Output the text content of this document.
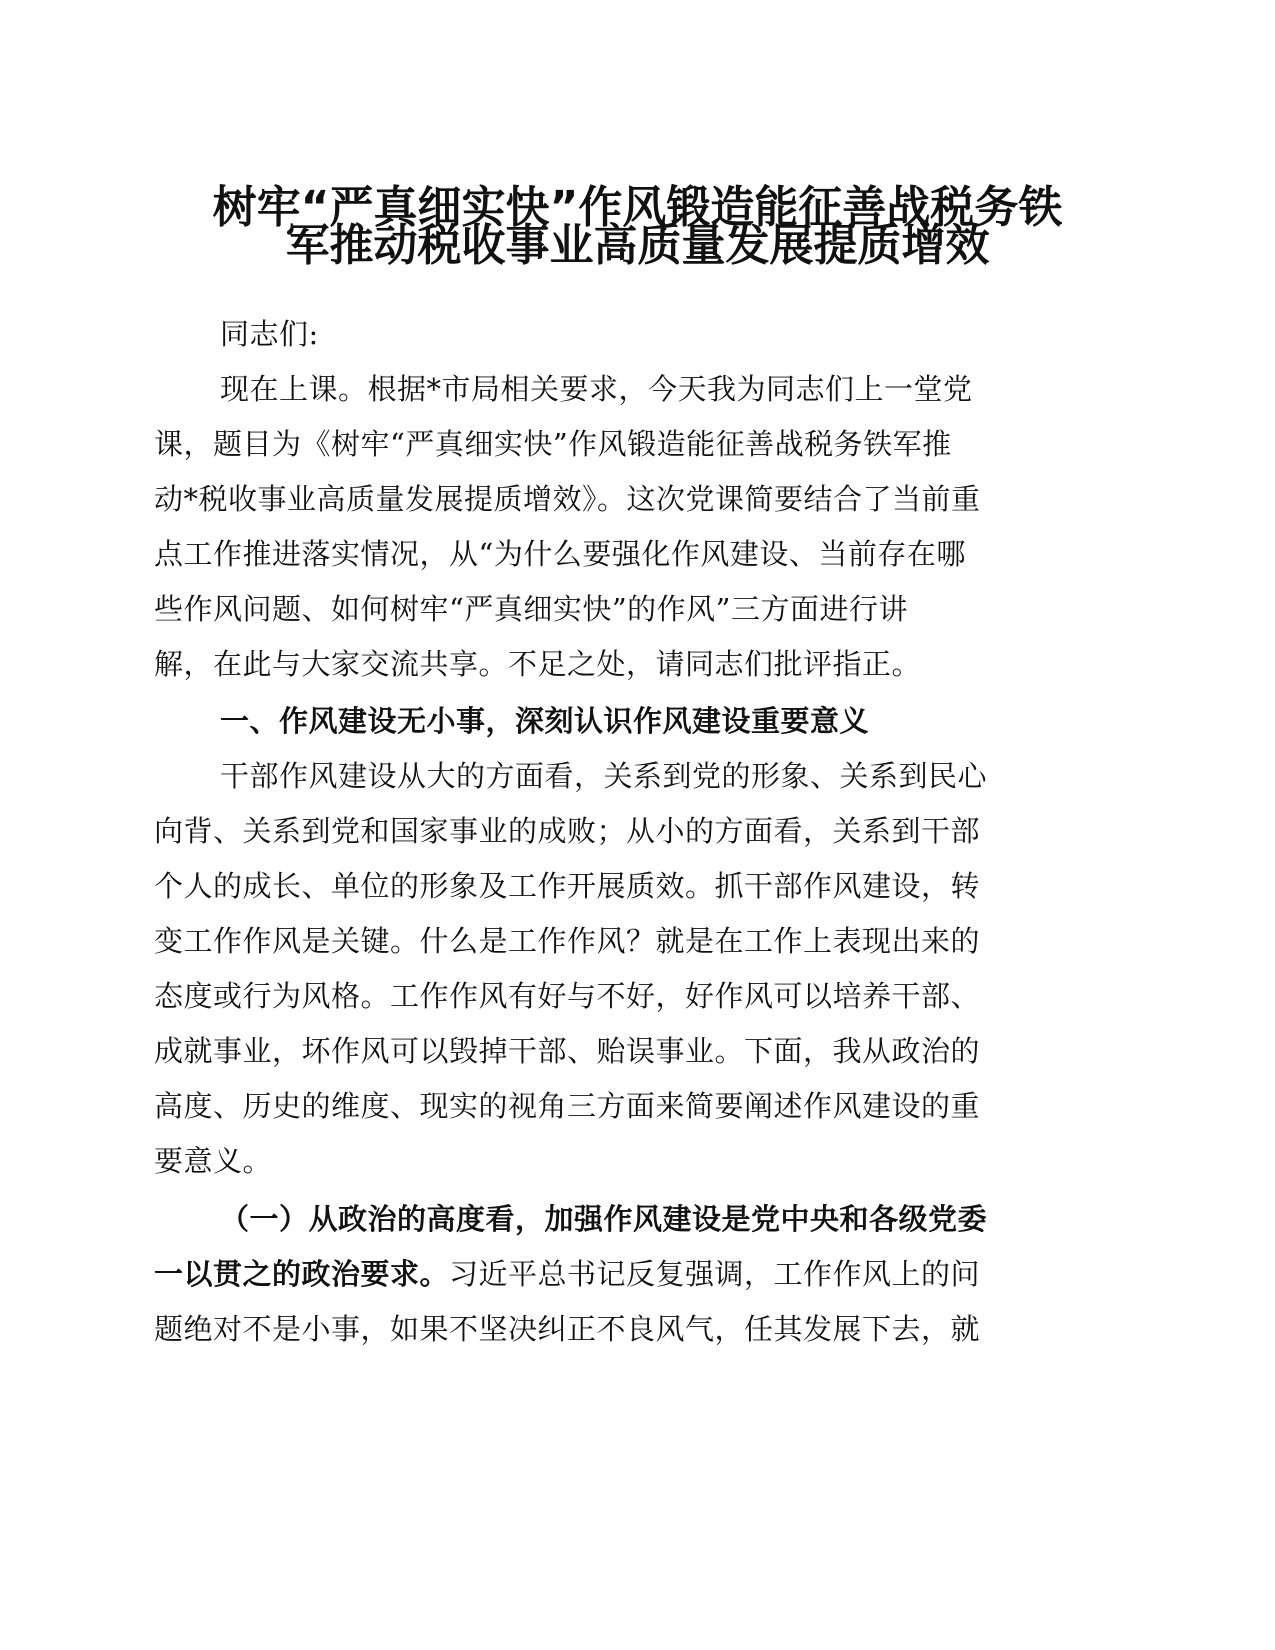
树牢“严真细实快”作风锻造能征善战税务铁
军推动税收事业高质量发展提质增效

同志们:

现在上课。根据*市局相关要求，今天我为同志们上一堂党

课，题目为《树牢“严真细实快”作风锻造能征善战税务铁军推

动*税收事业高质量发展提质增效》。这次党课简要结合了当前重

点工作推进落实情况，从“为什么要强化作风建设、当前存在哪

些作风问题、如何树牢“严真细实快”的作风”三方面进行讲

解，在此与大家交流共享。不足之处，请同志们批评指正。

一、作风建设无小事，深刻认识作风建设重要意义

干部作风建设从大的方面看，关系到党的形象、关系到民心

向背、关系到党和国家事业的成败；从小的方面看，关系到干部

个人的成长、单位的形象及工作开展质效。抓干部作风建设，转

变工作作风是关键。什么是工作作风？就是在工作上表现出来的

态度或行为风格。工作作风有好与不好，好作风可以培养干部、

成就事业，坏作风可以毁掉干部、贻误事业。下面，我从政治的

高度、历史的维度、现实的视角三方面来简要阐述作风建设的重

要意义。

（一）从政治的高度看，加强作风建设是党中央和各级党委

一以贯之的政治要求。习近平总书记反复强调，工作作风上的问

题绝对不是小事，如果不坚决纠正不良风气，任其发展下去，就
